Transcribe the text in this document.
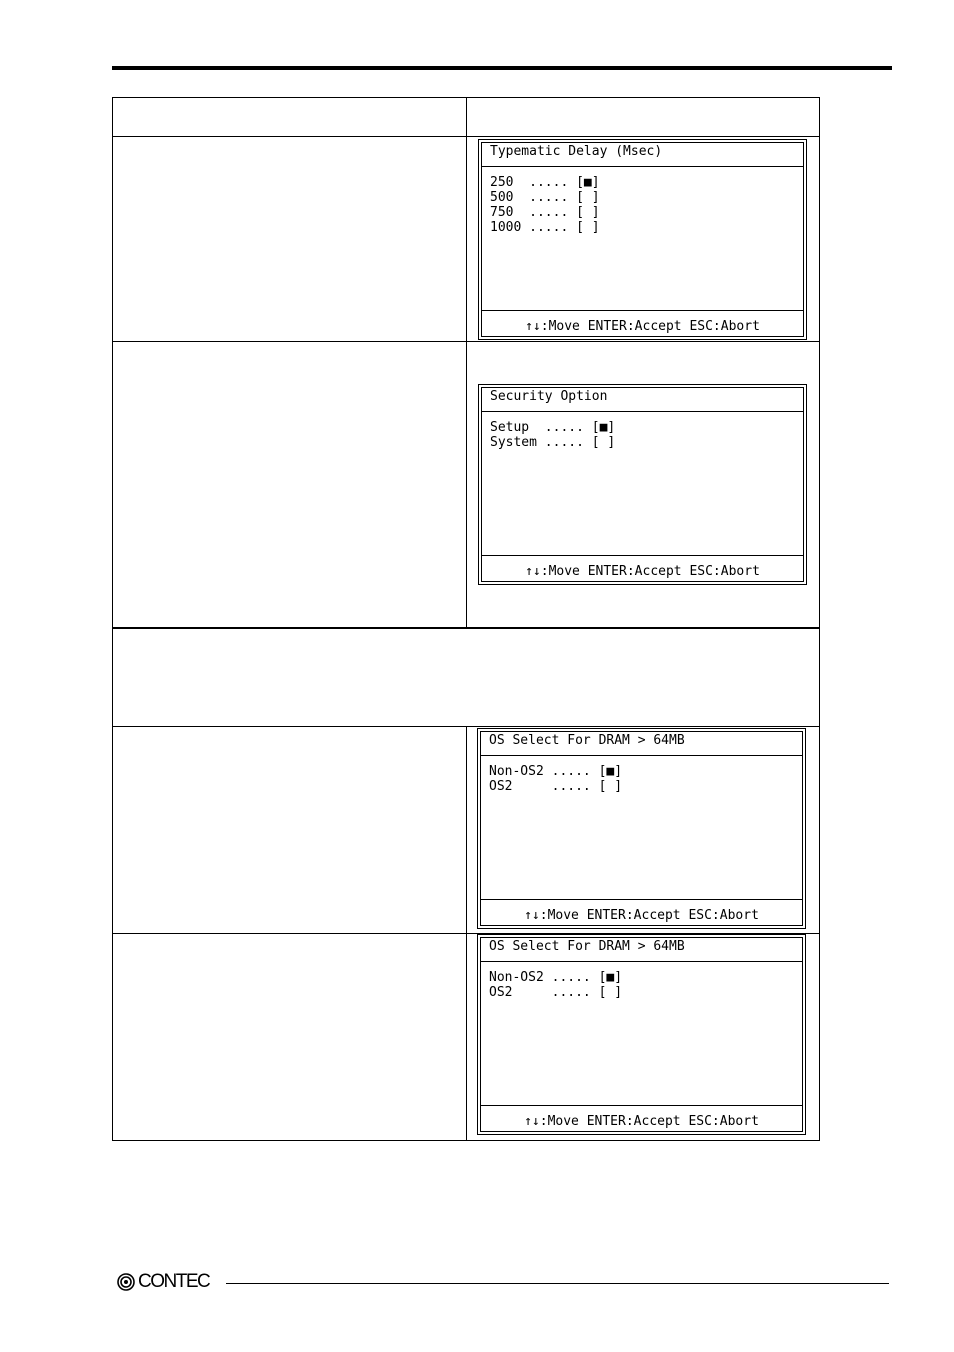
Typematic Delay (Msec)
250  ..... [■]
500  ..... [ ]
750  ..... [ ]
1000 ..... [ ]
↑↓:Move ENTER:Accept ESC:Abort
Security Option
Setup  ..... [■]
System ..... [ ]
↑↓:Move ENTER:Accept ESC:Abort
OS Select For DRAM > 64MB
Non-OS2 ..... [■]
OS2     ..... [ ]
↑↓:Move ENTER:Accept ESC:Abort
OS Select For DRAM > 64MB
Non-OS2 ..... [■]
OS2     ..... [ ]
↑↓:Move ENTER:Accept ESC:Abort
CONTEC
